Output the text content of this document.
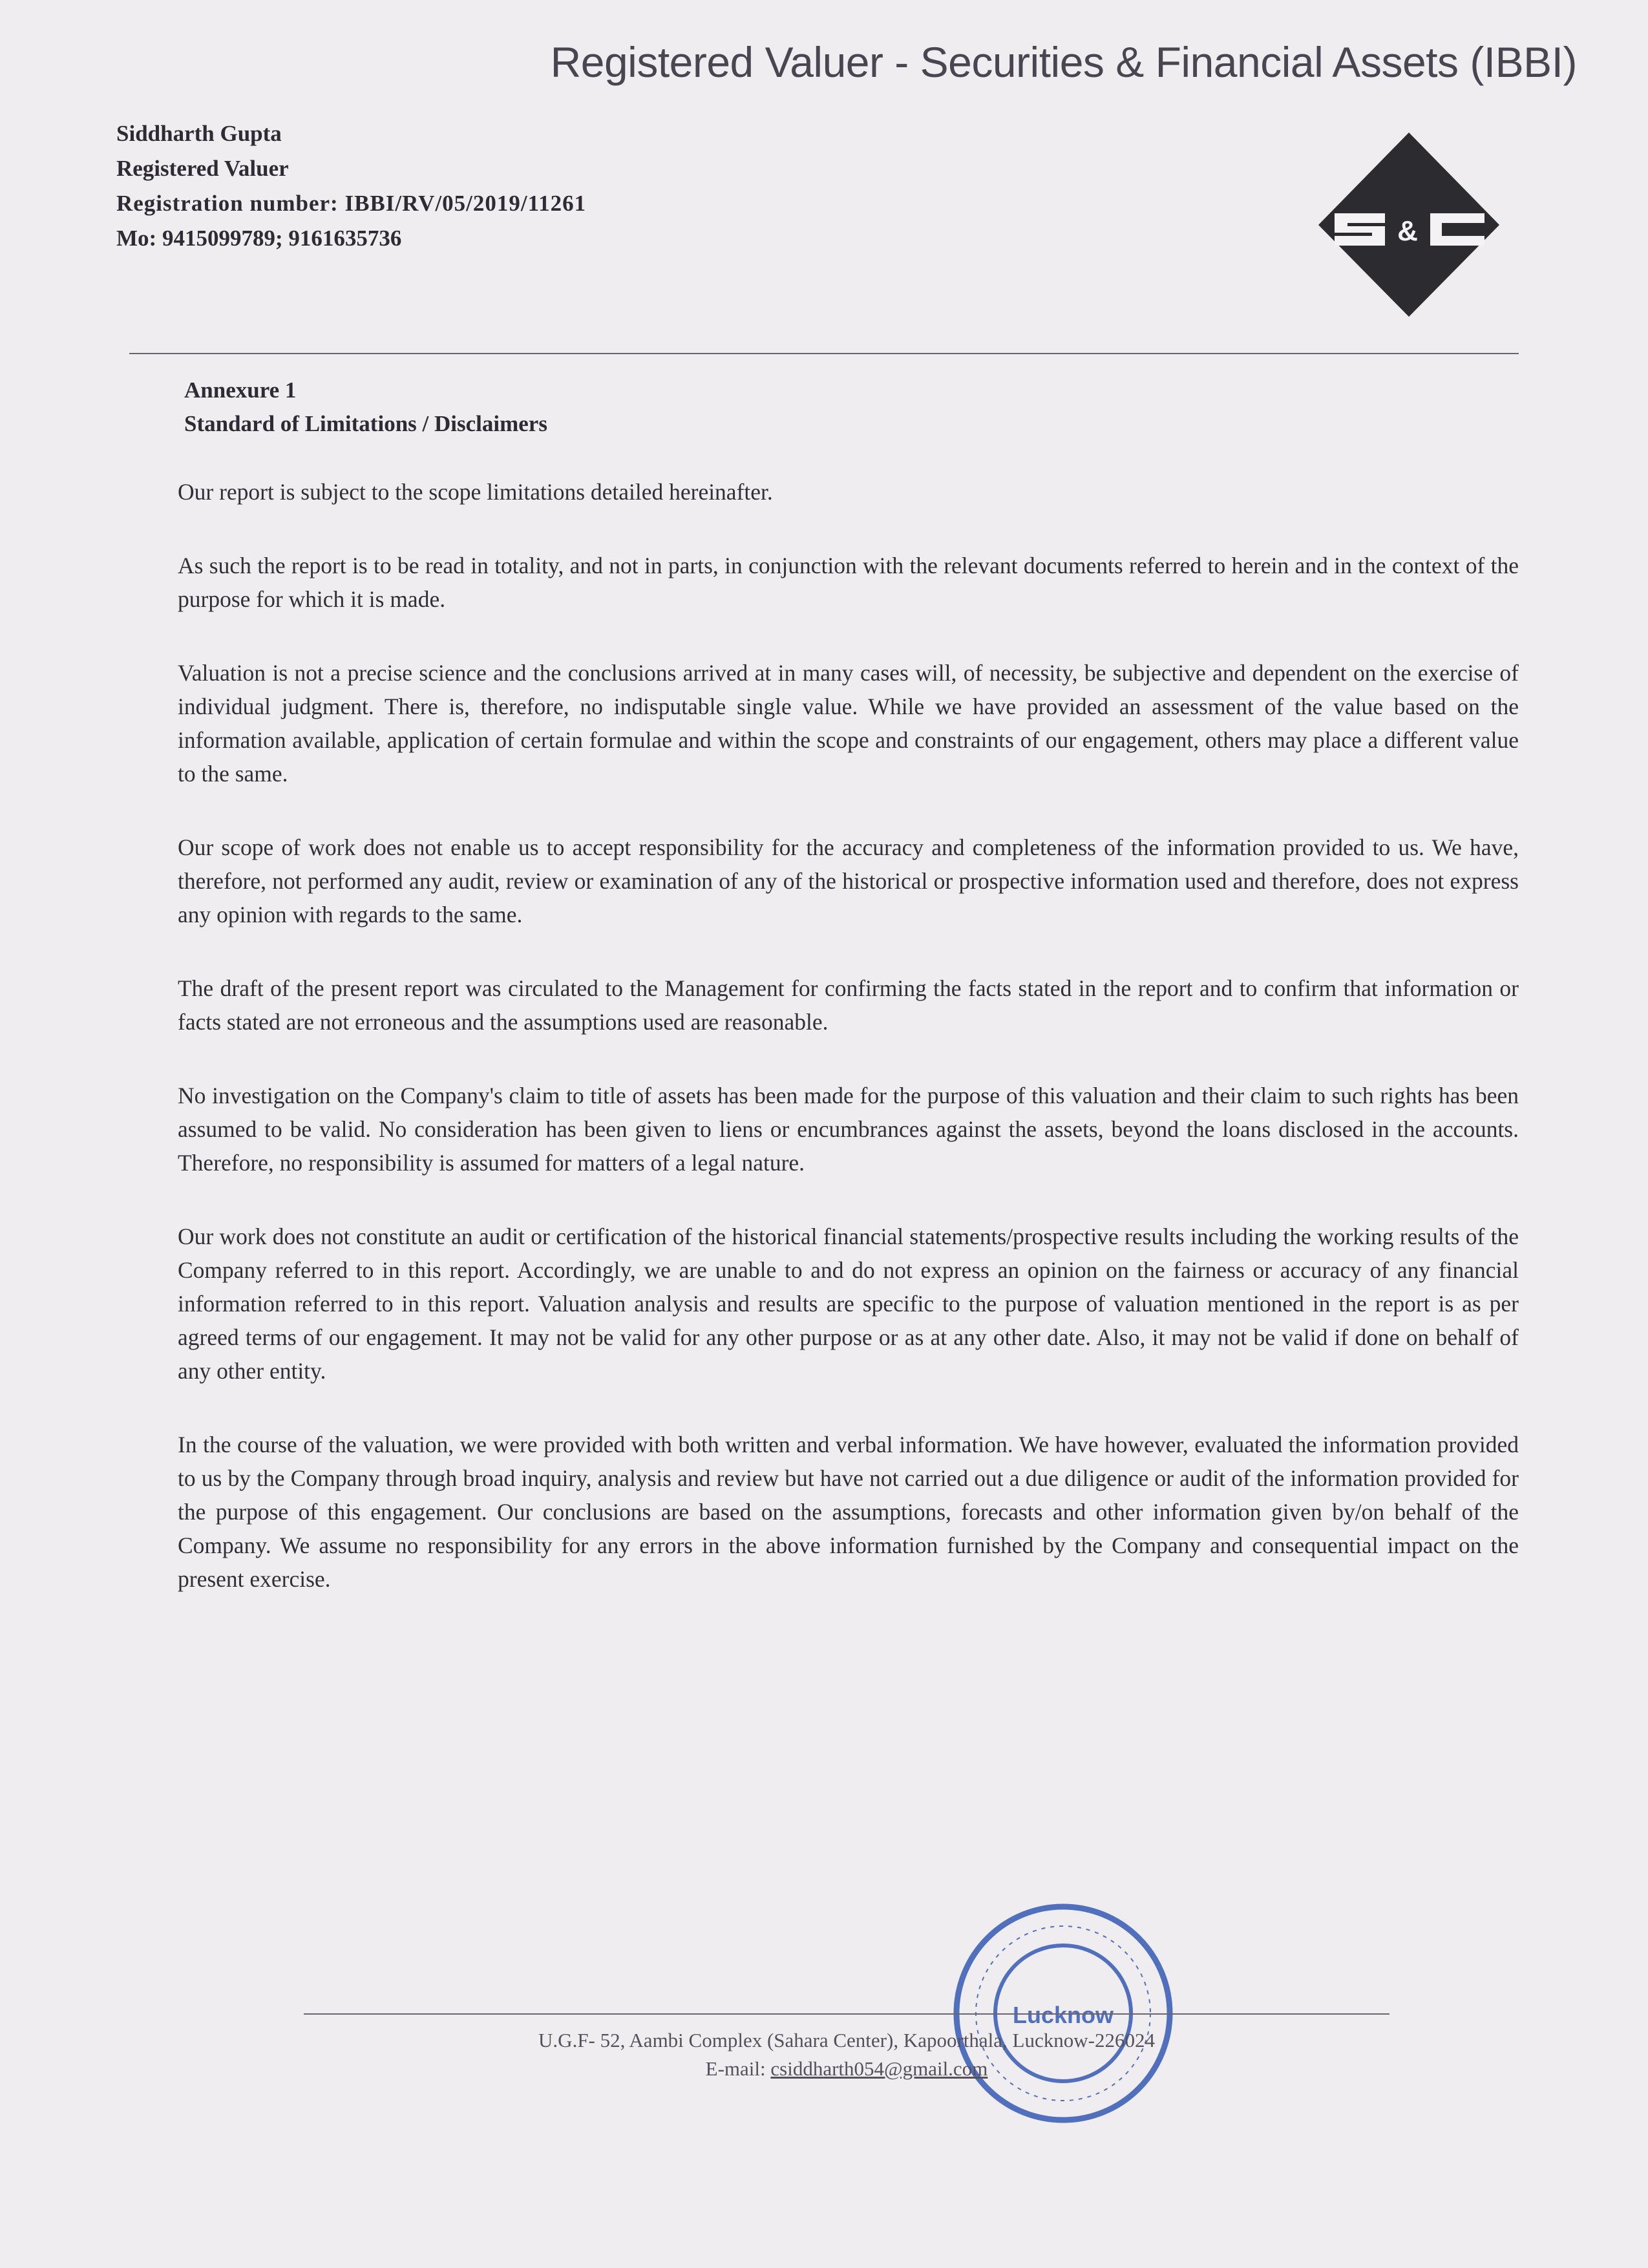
Registered Valuer - Securities & Financial Assets (IBBI)
Siddharth Gupta
Registered Valuer
Registration number: IBBI/RV/05/2019/11261
Mo: 9415099789; 9161635736	&
Annexure 1
Standard of Limitations / Disclaimers

Our report is subject to the scope limitations detailed hereinafter.

As such the report is to be read in totality, and not in parts, in conjunction with the relevant documents referred to herein and in the context of the purpose for which it is made.

Valuation is not a precise science and the conclusions arrived at in many cases will, of necessity, be subjective and dependent on the exercise of individual judgment. There is, therefore, no indisputable single value. While we have provided an assessment of the value based on the information available, application of certain formulae and within the scope and constraints of our engagement, others may place a different value to the same.

Our scope of work does not enable us to accept responsibility for the accuracy and completeness of the information provided to us. We have, therefore, not performed any audit, review or examination of any of the historical or prospective information used and therefore, does not express any opinion with regards to the same.

The draft of the present report was circulated to the Management for confirming the facts stated in the report and to confirm that information or facts stated are not erroneous and the assumptions used are reasonable.

No investigation on the Company's claim to title of assets has been made for the purpose of this valuation and their claim to such rights has been assumed to be valid. No consideration has been given to liens or encumbrances against the assets, beyond the loans disclosed in the accounts. Therefore, no responsibility is assumed for matters of a legal nature.

Our work does not constitute an audit or certification of the historical financial statements/prospective results including the working results of the Company referred to in this report. Accordingly, we are unable to and do not express an opinion on the fairness or accuracy of any financial information referred to in this report. Valuation analysis and results are specific to the purpose of valuation mentioned in the report is as per agreed terms of our engagement. It may not be valid for any other purpose or as at any other date. Also, it may not be valid if done on behalf of any other entity.

In the course of the valuation, we were provided with both written and verbal information. We have however, evaluated the information provided to us by the Company through broad inquiry, analysis and review but have not carried out a due diligence or audit of the information provided for the purpose of this engagement. Our conclusions are based on the assumptions, forecasts and other information given by/on behalf of the Company. We assume no responsibility for any errors in the above information furnished by the Company and consequential impact on the present exercise.

Lucknow
U.G.F- 52, Aambi Complex (Sahara Center), Kapoorthala, Lucknow-226024
E-mail: csiddharth054@gmail.com
